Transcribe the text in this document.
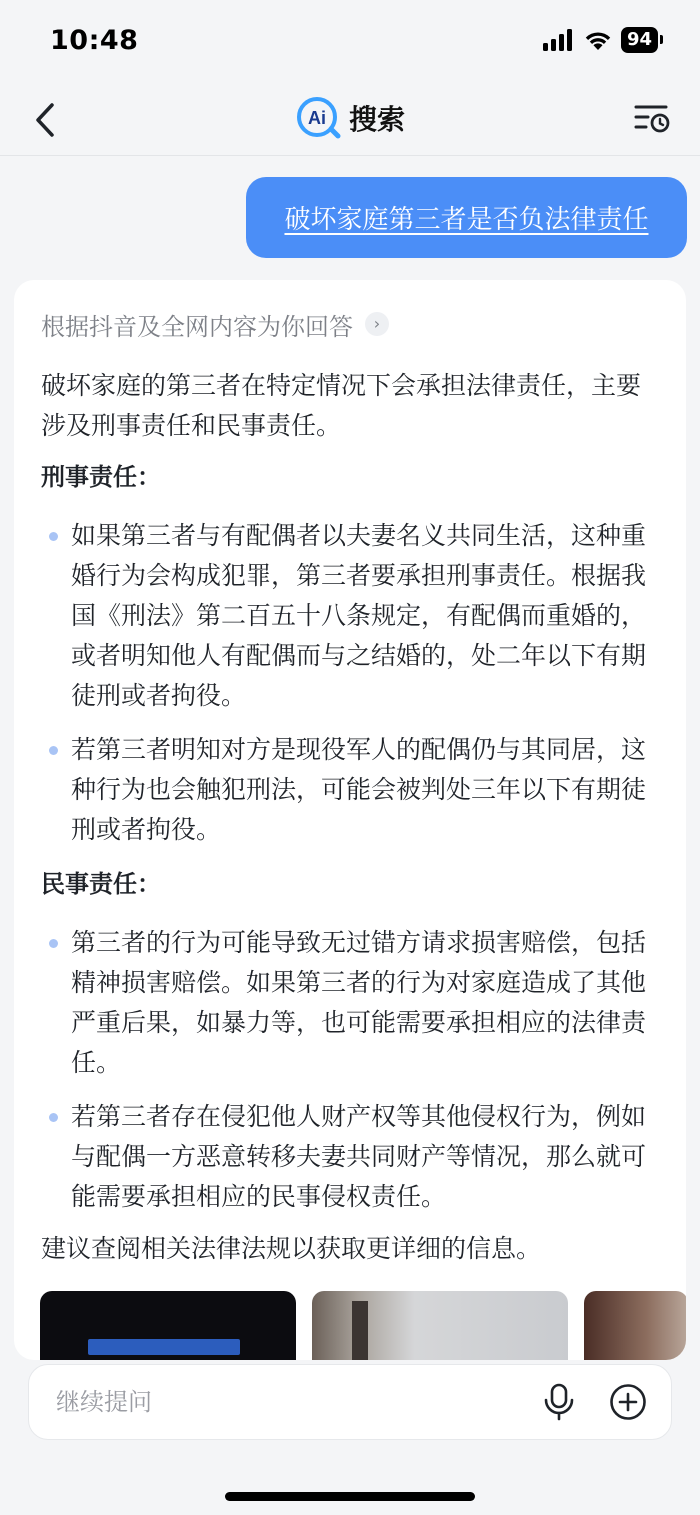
10:48	94
Ai 搜索
破坏家庭第三者是否负法律责任
根据抖音及全网内容为你回答	›

破坏家庭的第三者在特定情况下会承担法律责任，主要涉及刑事责任和民事责任。

刑事责任：

如果第三者与有配偶者以夫妻名义共同生活，这种重婚行为会构成犯罪，第三者要承担刑事责任。根据我国《刑法》第二百五十八条规定，有配偶而重婚的，或者明知他人有配偶而与之结婚的，处二年以下有期徒刑或者拘役。

若第三者明知对方是现役军人的配偶仍与其同居，这种行为也会触犯刑法，可能会被判处三年以下有期徒刑或者拘役。

民事责任：

第三者的行为可能导致无过错方请求损害赔偿，包括精神损害赔偿。如果第三者的行为对家庭造成了其他严重后果，如暴力等，也可能需要承担相应的法律责任。

若第三者存在侵犯他人财产权等其他侵权行为，例如与配偶一方恶意转移夫妻共同财产等情况，那么就可能需要承担相应的民事侵权责任。

建议查阅相关法律法规以获取更详细的信息。

继续提问
